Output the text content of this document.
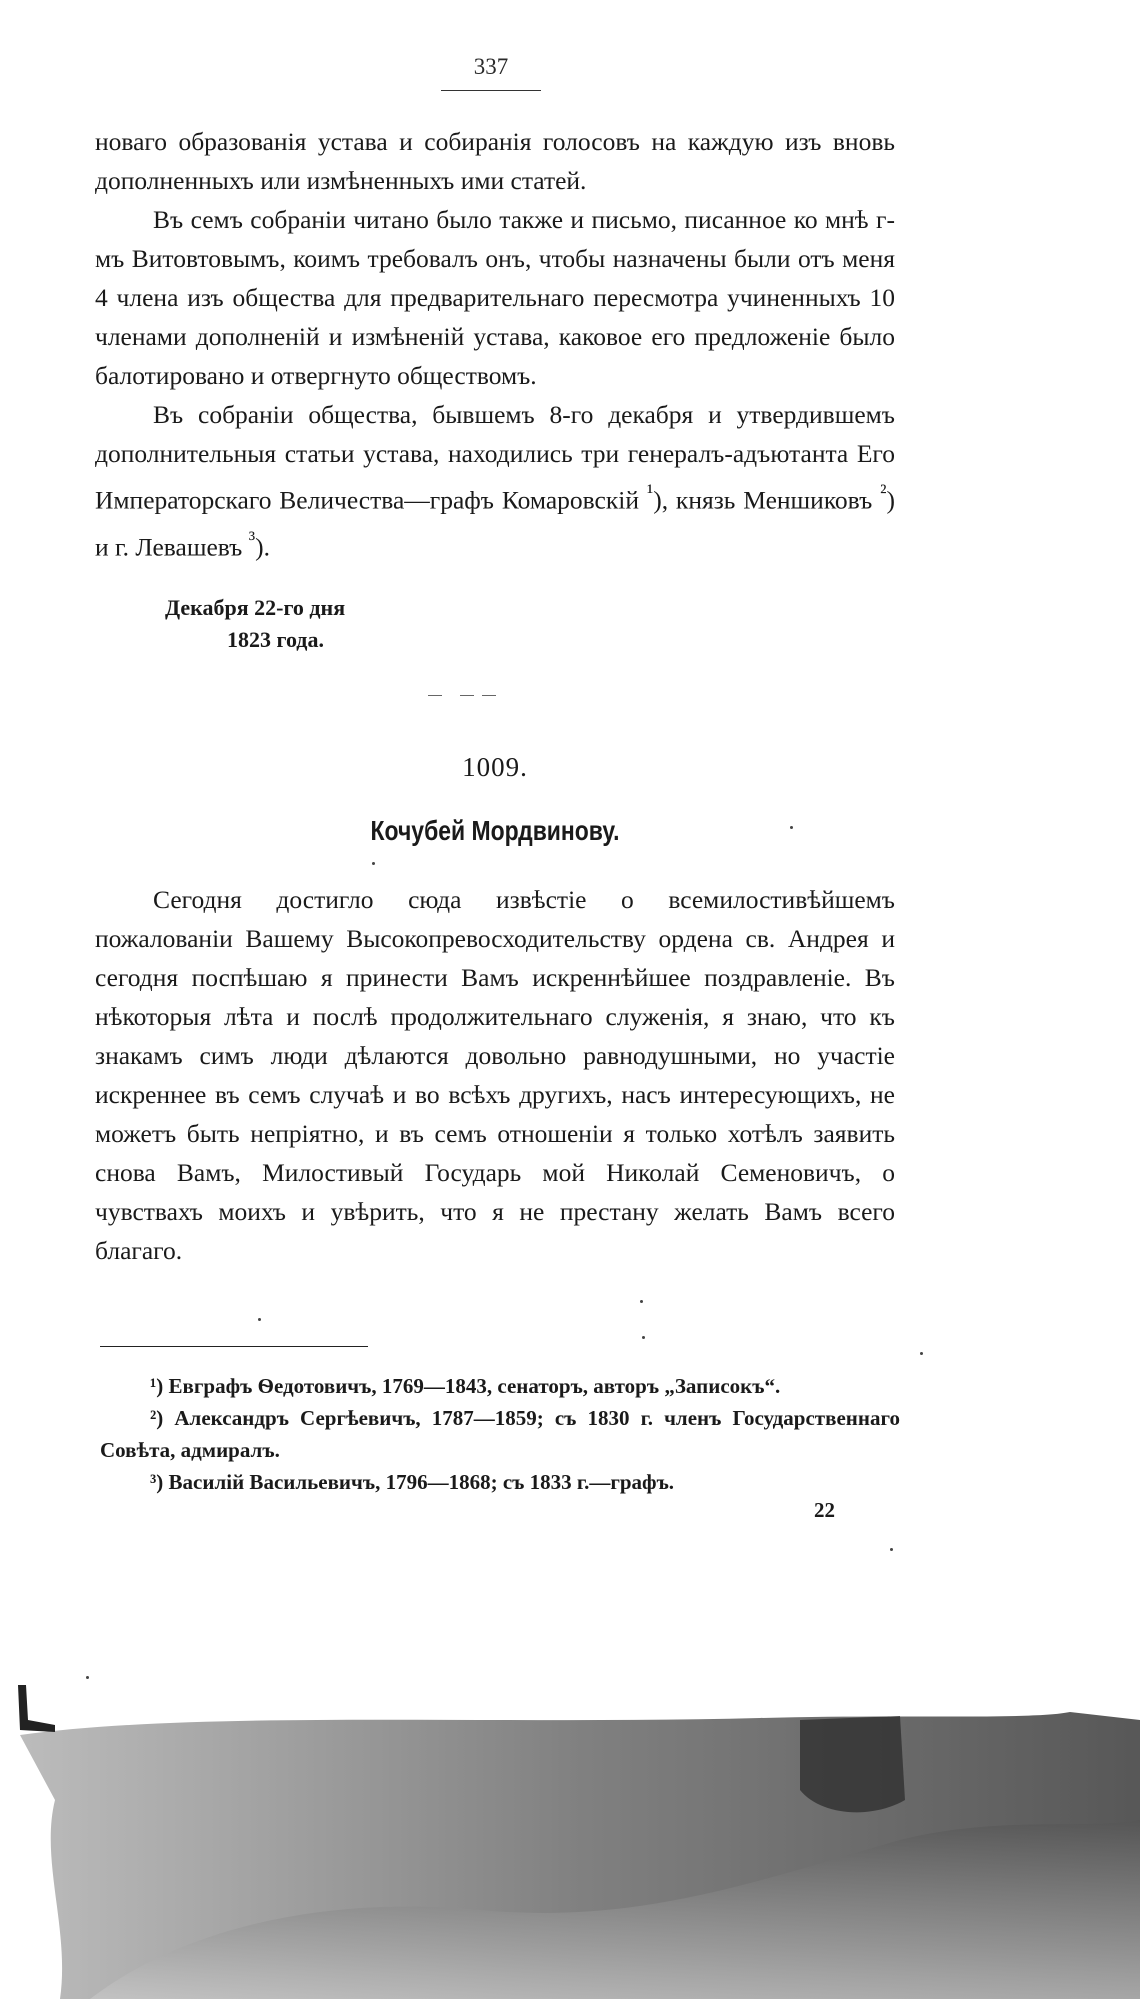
337

новаго образованія устава и собиранія голосовъ на каждую изъ вновь дополненныхъ или измѣненныхъ ими статей.

Въ семъ собраніи читано было также и письмо, писанное ко мнѣ г-мъ Витовтовымъ, коимъ требовалъ онъ, чтобы назначены были отъ меня 4 члена изъ общества для предварительнаго пересмотра учиненныхъ 10 членами дополненій и измѣненій устава, каковое его предложеніе было балотировано и отвергнуто обществомъ.

Въ собраніи общества, бывшемъ 8-го декабря и утвердившемъ дополнительныя статьи устава, находились три генералъ-адъютанта Его Императорскаго Величества—графъ Комаровскій $^{^1}$), князь Меншиковъ $^{^2}$) и г. Левашевъ $^{^3}$).

Декабря 22-го дня
1823 года.
1009.
Кочубей Мордвинову.

Сегодня достигло сюда извѣстіе о всемилостивѣйшемъ пожалованіи Вашему Высокопревосходительству ордена св. Андрея и сегодня поспѣшаю я принести Вамъ искреннѣйшее поздравленіе. Въ нѣкоторыя лѣта и послѣ продолжительнаго служенія, я знаю, что къ знакамъ симъ люди дѣлаются довольно равнодушными, но участіе искреннее въ семъ случаѣ и во всѣхъ другихъ, насъ интересующихъ, не можетъ быть непріятно, и въ семъ отношеніи я только хотѣлъ заявить снова Вамъ, Милостивый Государь мой Николай Семеновичъ, о чувствахъ моихъ и увѣрить, что я не престану желать Вамъ всего благаго.

¹) Евграфъ Ѳедотовичъ, 1769—1843, сенаторъ, авторъ „Записокъ“.

²) Александръ Сергѣевичъ, 1787—1859; съ 1830 г. членъ Государственнаго Совѣта, адмиралъ.

³) Василій Васильевичъ, 1796—1868; съ 1833 г.—графъ.

22
